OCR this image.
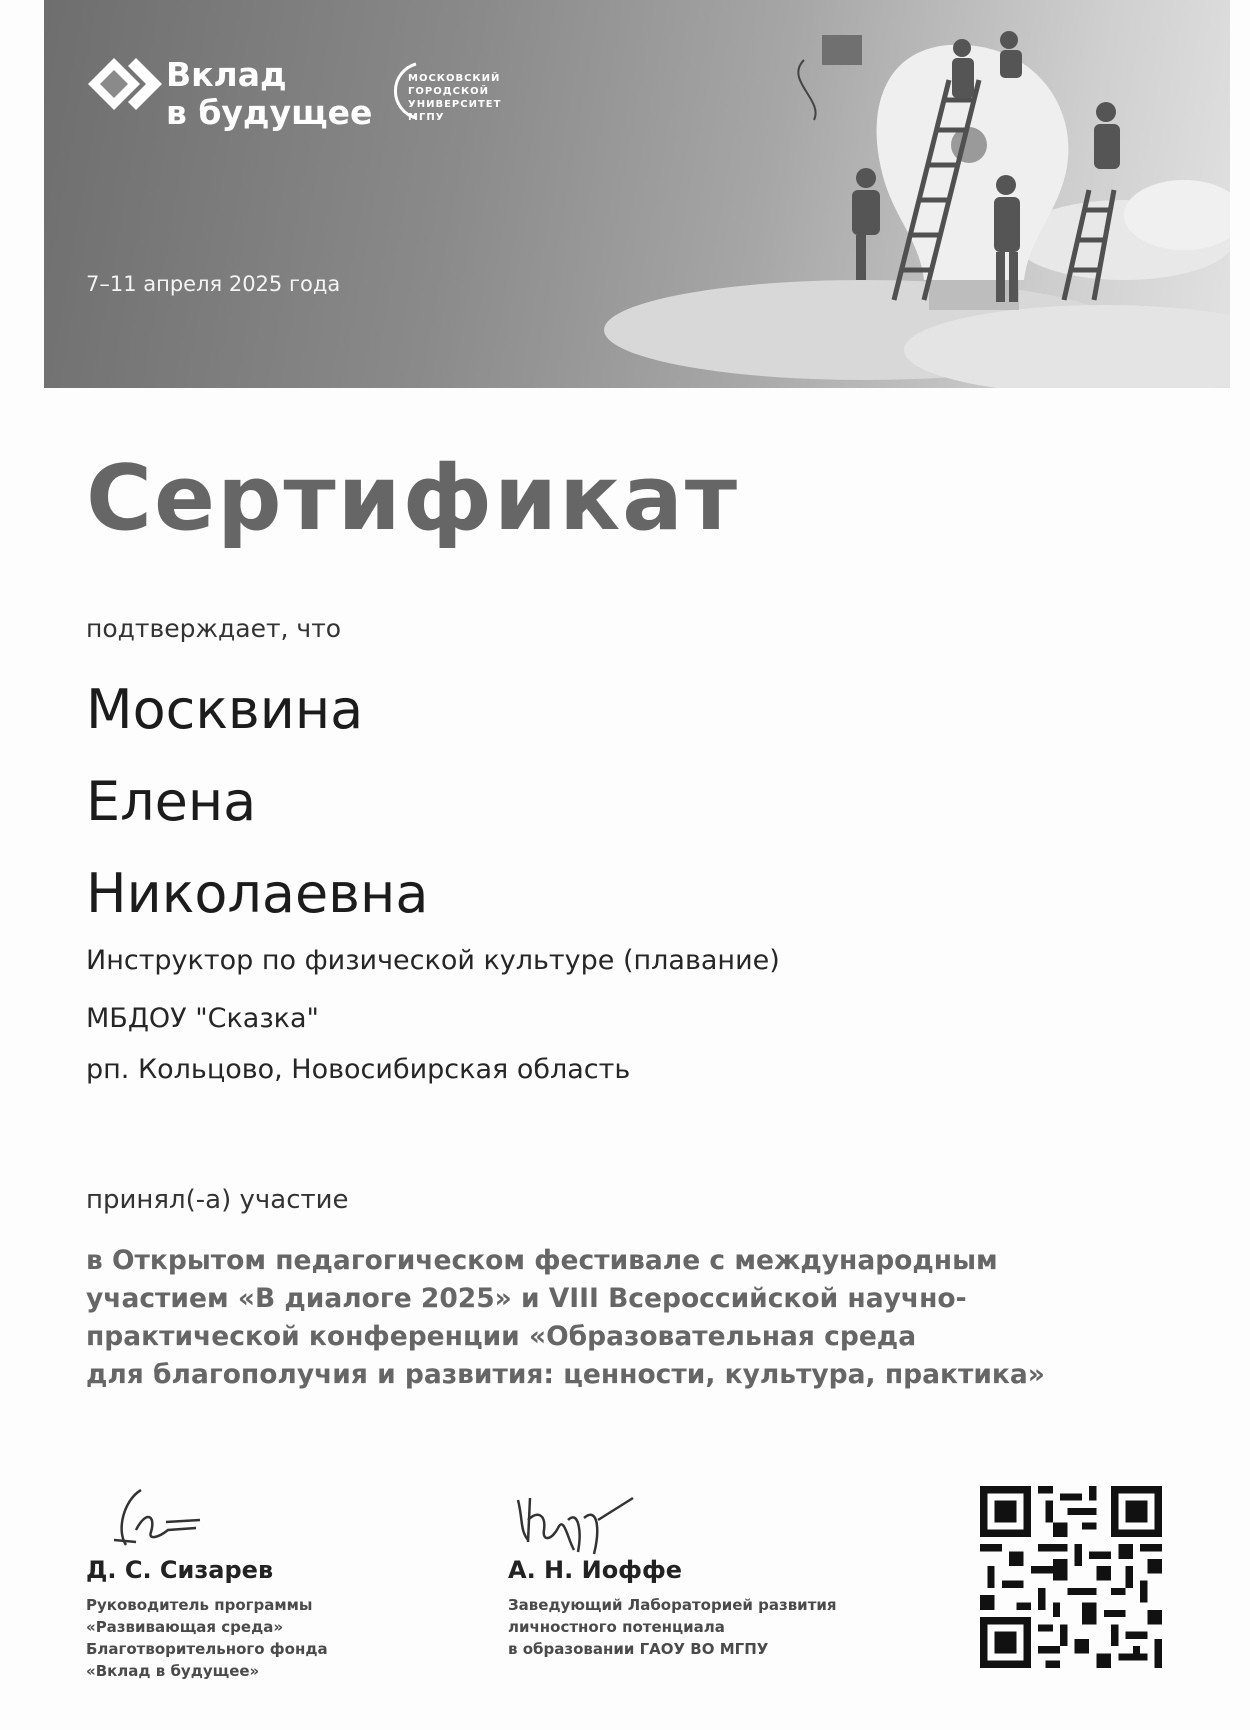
Вклад
в будущее
МОСКОВСКИЙ
ГОРОДСКОЙ
УНИВЕРСИТЕТ
МГПУ
7–11 апреля 2025 года
Сертификат
подтверждает, что
Москвина
Елена
Николаевна
Инструктор по физической культуре (плавание)
МБДОУ "Сказка"
рп. Кольцово, Новосибирская область
принял(-а) участие
в Открытом педагогическом фестивале с международным
участием «В диалоге 2025» и VIII Всероссийской научно-
практической конференции «Образовательная среда
для благополучия и развития: ценности, культура, практика»
Д. С. Сизарев
Руководитель программы
«Развивающая среда»
Благотворительного фонда
«Вклад в будущее»
А. Н. Иоффе
Заведующий Лабораторией развития
личностного потенциала
в образовании ГАОУ ВО МГПУ
